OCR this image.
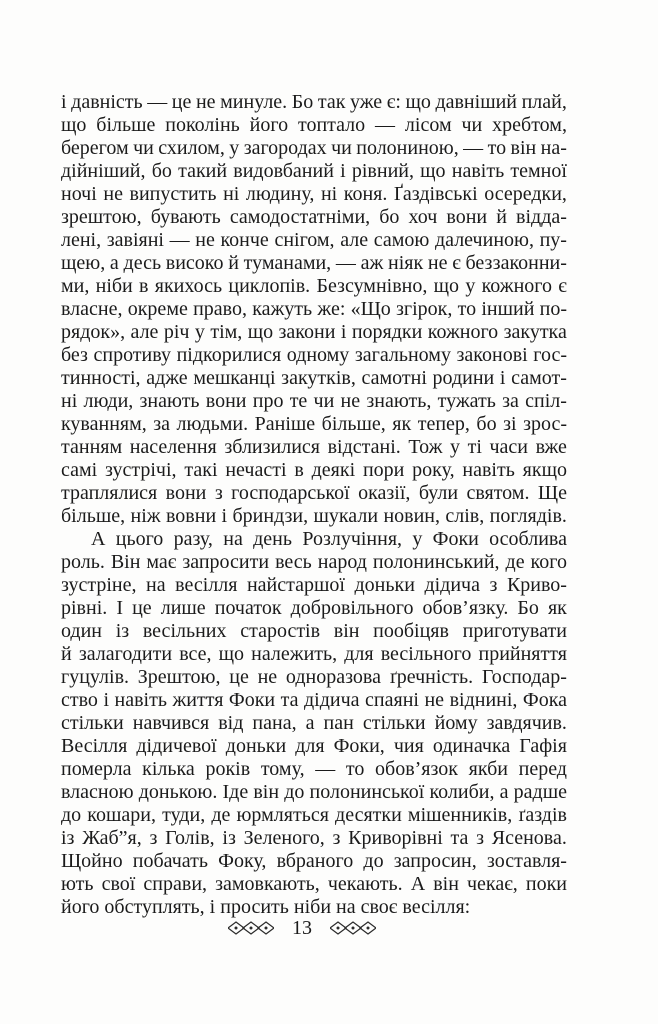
і давність — це не минуле. Бо так уже є: що давніший плай,
що більше поколінь його топтало — лісом чи хребтом,
берегом чи схилом, у загородах чи полониною, — то він на-
дійніший, бо такий видовбаний і рівний, що навіть темної
ночі не випустить ні людину, ні коня. Ґаздівські осередки,
зрештою, бувають самодостатніми, бо хоч вони й відда-
лені, завіяні — не конче снігом, але самою далечиною, пу-
щею, а десь високо й туманами, — аж ніяк не є беззаконни-
ми, ніби в якихось циклопів. Безсумнівно, що у кожного є
власне, окреме право, кажуть же: «Що згірок, то інший по-
рядок», але річ у тім, що закони і порядки кожного закутка
без спротиву підкорилися одному загальному законові гос-
тинності, адже мешканці закутків, самотні родини і самот-
ні люди, знають вони про те чи не знають, тужать за спіл-
куванням, за людьми. Раніше більше, як тепер, бо зі зрос-
танням населення зблизилися відстані. Тож у ті часи вже
самі зустрічі, такі нечасті в деякі пори року, навіть якщо
траплялися вони з господарської оказії, були святом. Ще
більше, ніж вовни і бриндзи, шукали новин, слів, поглядів.
А цього разу, на день Розлучіння, у Фоки особлива
роль. Він має запросити весь народ полонинський, де кого
зустріне, на весілля найстаршої доньки дідича з Криво-
рівні. І це лише початок добровільного обов’язку. Бо як
один із весільних старостів він пообіцяв приготувати
й залагодити все, що належить, для весільного прийняття
гуцулів. Зрештою, це не одноразова ґречність. Господар-
ство і навіть життя Фоки та дідича спаяні не віднині, Фока
стільки навчився від пана, а пан стільки йому завдячив.
Весілля дідичевої доньки для Фоки, чия одиначка Гафія
померла кілька років тому, — то обов’язок якби перед
власною донькою. Іде він до полонинської колиби, а радше
до кошари, туди, де юрмляться десятки мішенників, ґаздів
із Жаб”я, з Голів, із Зеленого, з Криворівні та з Ясенова.
Щойно побачать Фоку, вбраного до запросин, зоставля-
ють свої справи, замовкають, чекають. А він чекає, поки
його обступлять, і просить ніби на своє весілля:
13
